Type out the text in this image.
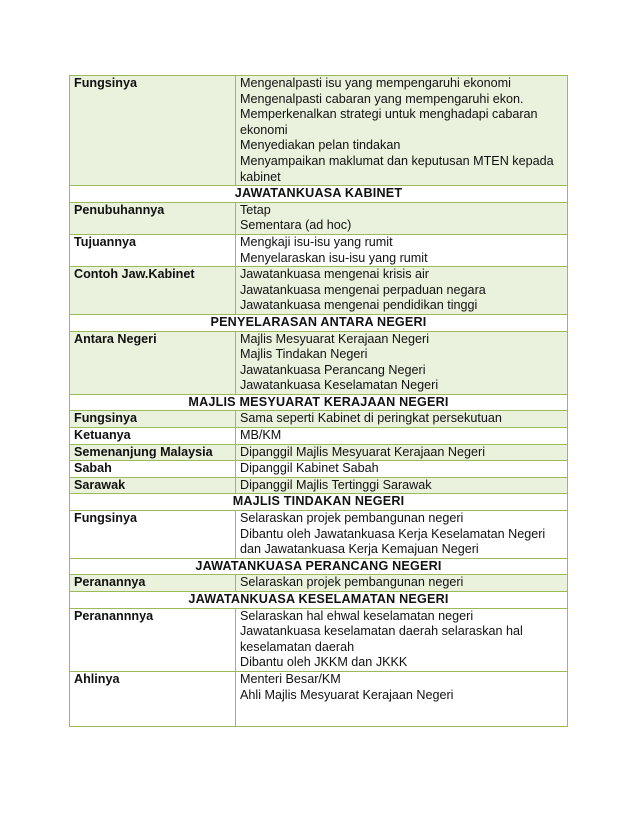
Fungsinya	Mengenalpasti isu yang mempengaruhi ekonomi
Mengenalpasti cabaran yang mempengaruhi ekon.
Memperkenalkan strategi untuk menghadapi cabaran ekonomi
Menyediakan pelan tindakan
Menyampaikan maklumat dan keputusan MTEN kepada kabinet

JAWATANKUASA KABINET	
Penubuhannya	Tetap
Sementara (ad hoc)

Tujuannya	Mengkaji isu-isu yang rumit
Menyelaraskan isu-isu yang rumit

Contoh Jaw.Kabinet	Jawatankuasa mengenai krisis air
Jawatankuasa mengenai perpaduan negara
Jawatankuasa mengenai pendidikan tinggi

PENYELARASAN ANTARA NEGERI	
Antara Negeri	Majlis Mesyuarat Kerajaan Negeri
Majlis Tindakan Negeri
Jawatankuasa Perancang Negeri
Jawatankuasa Keselamatan Negeri

MAJLIS MESYUARAT KERAJAAN NEGERI	
Fungsinya	Sama seperti Kabinet di peringkat persekutuan

Ketuanya	MB/KM

Semenanjung Malaysia	Dipanggil Majlis Mesyuarat Kerajaan Negeri

Sabah	Dipanggil Kabinet Sabah

Sarawak	Dipanggil Majlis Tertinggi Sarawak

MAJLIS TINDAKAN NEGERI	
Fungsinya	Selaraskan projek pembangunan negeri
Dibantu oleh Jawatankuasa Kerja Keselamatan Negeri dan Jawatankuasa Kerja Kemajuan Negeri

JAWATANKUASA PERANCANG NEGERI	
Peranannya	Selaraskan projek pembangunan negeri

JAWATANKUASA KESELAMATAN NEGERI	
Peranannnya	Selaraskan hal ehwal keselamatan negeri
Jawatankuasa keselamatan daerah selaraskan hal keselamatan daerah
Dibantu oleh JKKM dan JKKK

Ahlinya	Menteri Besar/KM
Ahli Majlis Mesyuarat Kerajaan Negeri
